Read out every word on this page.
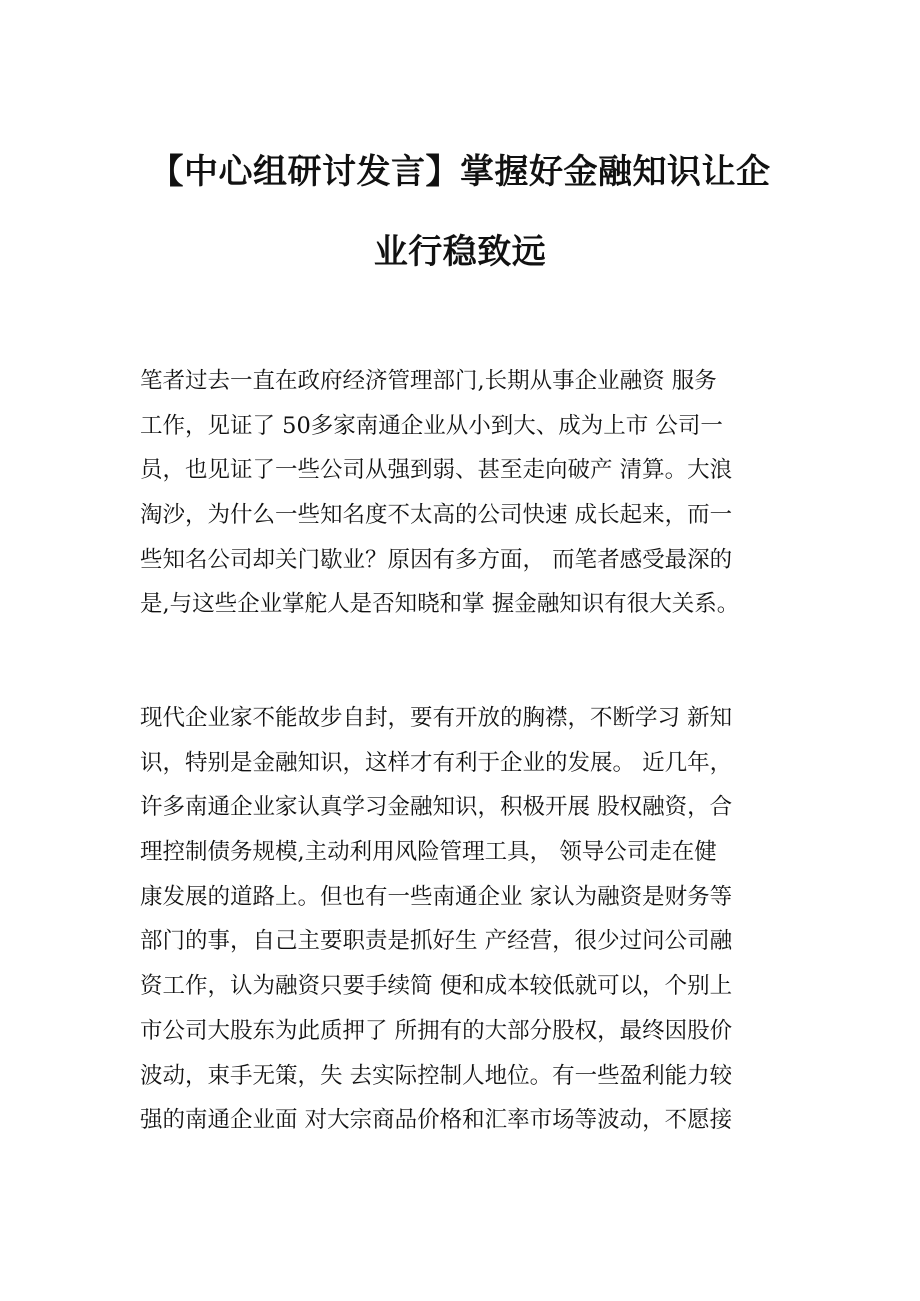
【中心组研讨发言】掌握好金融知识让企
业行稳致远

笔者过去一直在政府经济管理部门,长期从事企业融资 服务
工作，见证了 50多家南通企业从小到大、成为上市 公司一
员，也见证了一些公司从强到弱、甚至走向破产 清算。大浪
淘沙，为什么一些知名度不太高的公司快速 成长起来，而一
些知名公司却关门歇业？原因有多方面， 而笔者感受最深的
是,与这些企业掌舵人是否知晓和掌 握金融知识有很大关系。

现代企业家不能故步自封，要有开放的胸襟，不断学习 新知
识，特别是金融知识，这样才有利于企业的发展。 近几年，
许多南通企业家认真学习金融知识，积极开展 股权融资，合
理控制债务规模,主动利用风险管理工具， 领导公司走在健
康发展的道路上。但也有一些南通企业 家认为融资是财务等
部门的事，自己主要职责是抓好生 产经营，很少过问公司融
资工作，认为融资只要手续简 便和成本较低就可以，个别上
市公司大股东为此质押了 所拥有的大部分股权，最终因股价
波动，束手无策，失 去实际控制人地位。有一些盈利能力较
强的南通企业面 对大宗商品价格和汇率市场等波动，不愿接
